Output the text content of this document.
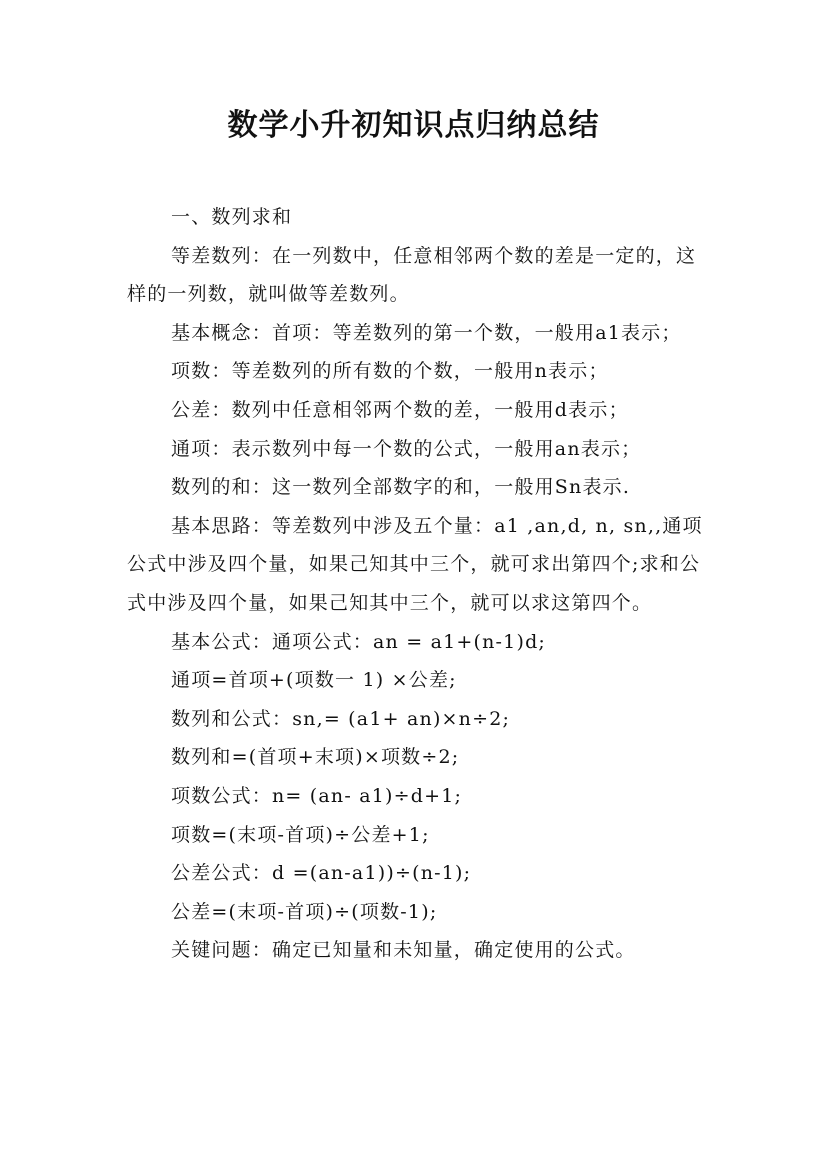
数学小升初知识点归纳总结

一、数列求和

等差数列：在一列数中，任意相邻两个数的差是一定的，这样的一列数，就叫做等差数列。

基本概念：首项：等差数列的第一个数，一般用a1表示；

项数：等差数列的所有数的个数，一般用n表示；

公差：数列中任意相邻两个数的差，一般用d表示；

通项：表示数列中每一个数的公式，一般用an表示；

数列的和：这一数列全部数字的和，一般用Sn表示.

基本思路：等差数列中涉及五个量：a1 ,an,d, n, sn,,通项公式中涉及四个量，如果己知其中三个，就可求出第四个;求和公式中涉及四个量，如果己知其中三个，就可以求这第四个。

基本公式：通项公式：an = a1+(n-1)d;

通项=首项+(项数一 1) ×公差;

数列和公式：sn,= (a1+ an)×n÷2;

数列和=(首项+末项)×项数÷2;

项数公式：n= (an- a1)÷d+1;

项数=(末项-首项)÷公差+1;

公差公式：d =(an-a1))÷(n-1);

公差=(末项-首项)÷(项数-1);

关键问题：确定已知量和未知量，确定使用的公式。
